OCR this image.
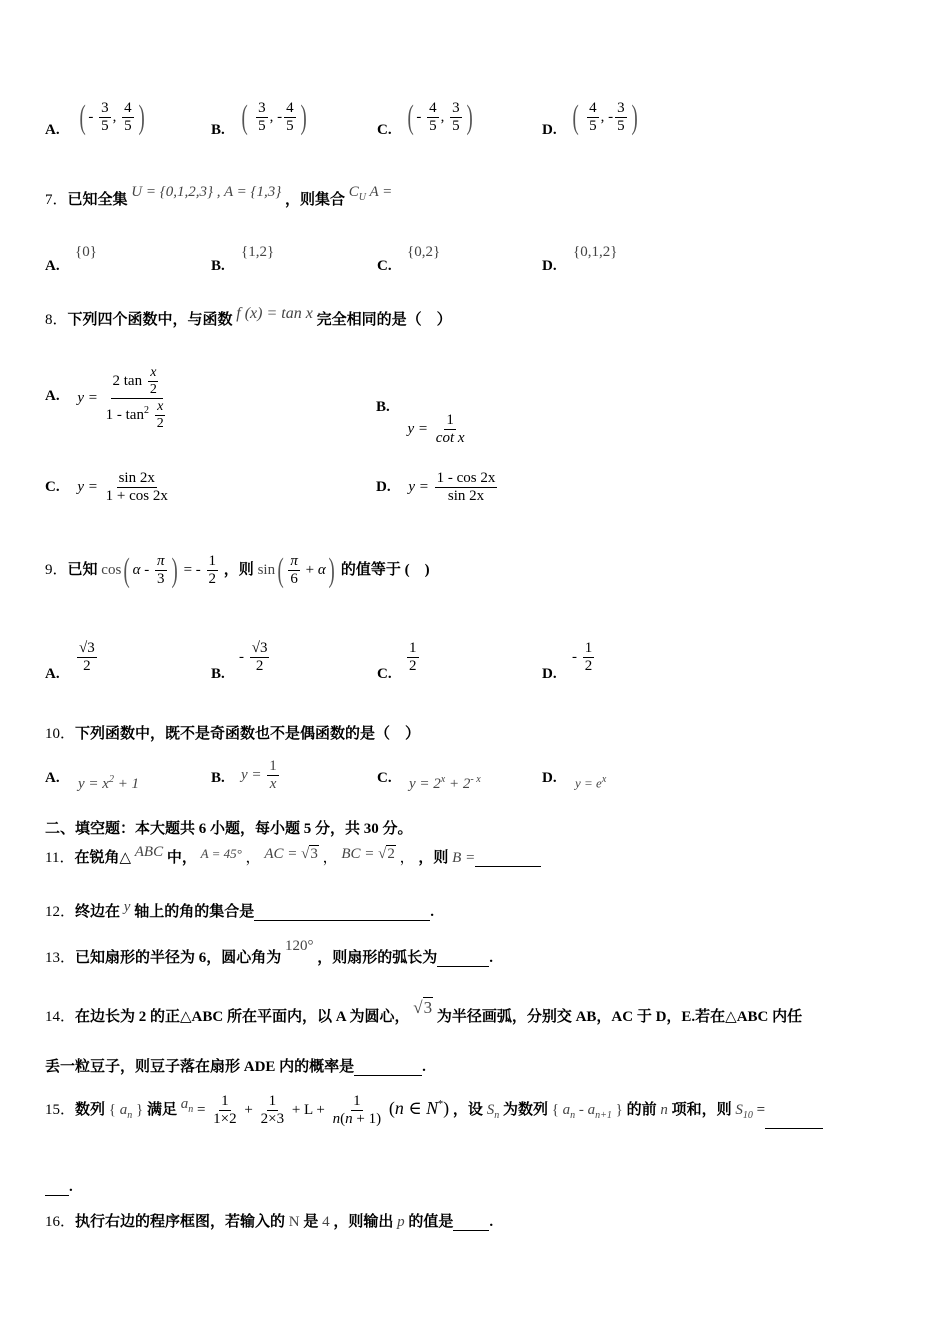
A. ( - $\frac{3}{5}$ , $\frac{4}{5}$ )	B. ( $\frac{3}{5}$ , - $\frac{4}{5}$ )	C. ( - $\frac{4}{5}$ , $\frac{3}{5}$ )	D. ( $\frac{4}{5}$ , - $\frac{3}{5}$ )
7．已知全集 U = {0,1,2,3} , A = {1,3} ，则集合 $C_U$ A =
A.
{0}
B.
{1,2}
C.
{0,2}
D.
{0,1,2}
8．下列四个函数中，与函数 f (x) = tan x 完全相同的是（　）
A. $y = \frac{2 \tan \frac{x}{2}}{1 - \tan^2 \frac{x}{2}}$	B. $y = \frac{1}{\text{cot x}}$
C. $y = \frac{\sin 2x}{1 + \cos 2x}$	D. $y = \frac{1 - \cos 2x}{\sin 2x}$
9．已知 cos( α - $\frac{\pi}{3}$ ) = - $\frac{1}{2}$ ，则 $\sin( \frac{\pi}{6} + \alpha)$ 的值等于 (　)
A. $\frac{√3}{2}$	B.
- $\frac{√3}{2}$	C. $\frac{1}{2}$	D.
- $\frac{1}{2}$
10．下列函数中，既不是奇函数也不是偶函数的是（　）
A. $y = x^2 + 1$	B. $y = \frac{1}{x}$	C. $y = 2^x + 2^{- x}$	D. $y = e^x$
二、填空题：本大题共 6 小题，每小题 5 分，共 30 分。
11．在锐角△ ABC 中， A = 45° ， AC = √3 ， BC = √2 ， ，则 B =
12．终边在 y 轴上的角的集合是	.
13．已知扇形的半径为 6，圆心角为 120° ，则扇形的弧长为	.
14．在边长为 2 的正△ABC 所在平面内，以 A 为圆心， √3 为半径画弧，分别交 AB，AC 于 D，E.若在△ABC 内任
丢一粒豆子，则豆子落在扇形 ADE 内的概率是	.
15．数列 { $a_n$ } 满足 $a_n = \frac{1}{1\times 2} + \frac{1}{2\times 3} + L + \frac{1}{n(n + 1)} (n$ ∈ N*) ，设 $S_n$ 为数列 { $a_n - a_{n+1}$ } 的前 n 项和，则 $S_{10}$ =
.
16．执行右边的程序框图，若输入的 N 是 4 ，则输出 p 的值是 .
